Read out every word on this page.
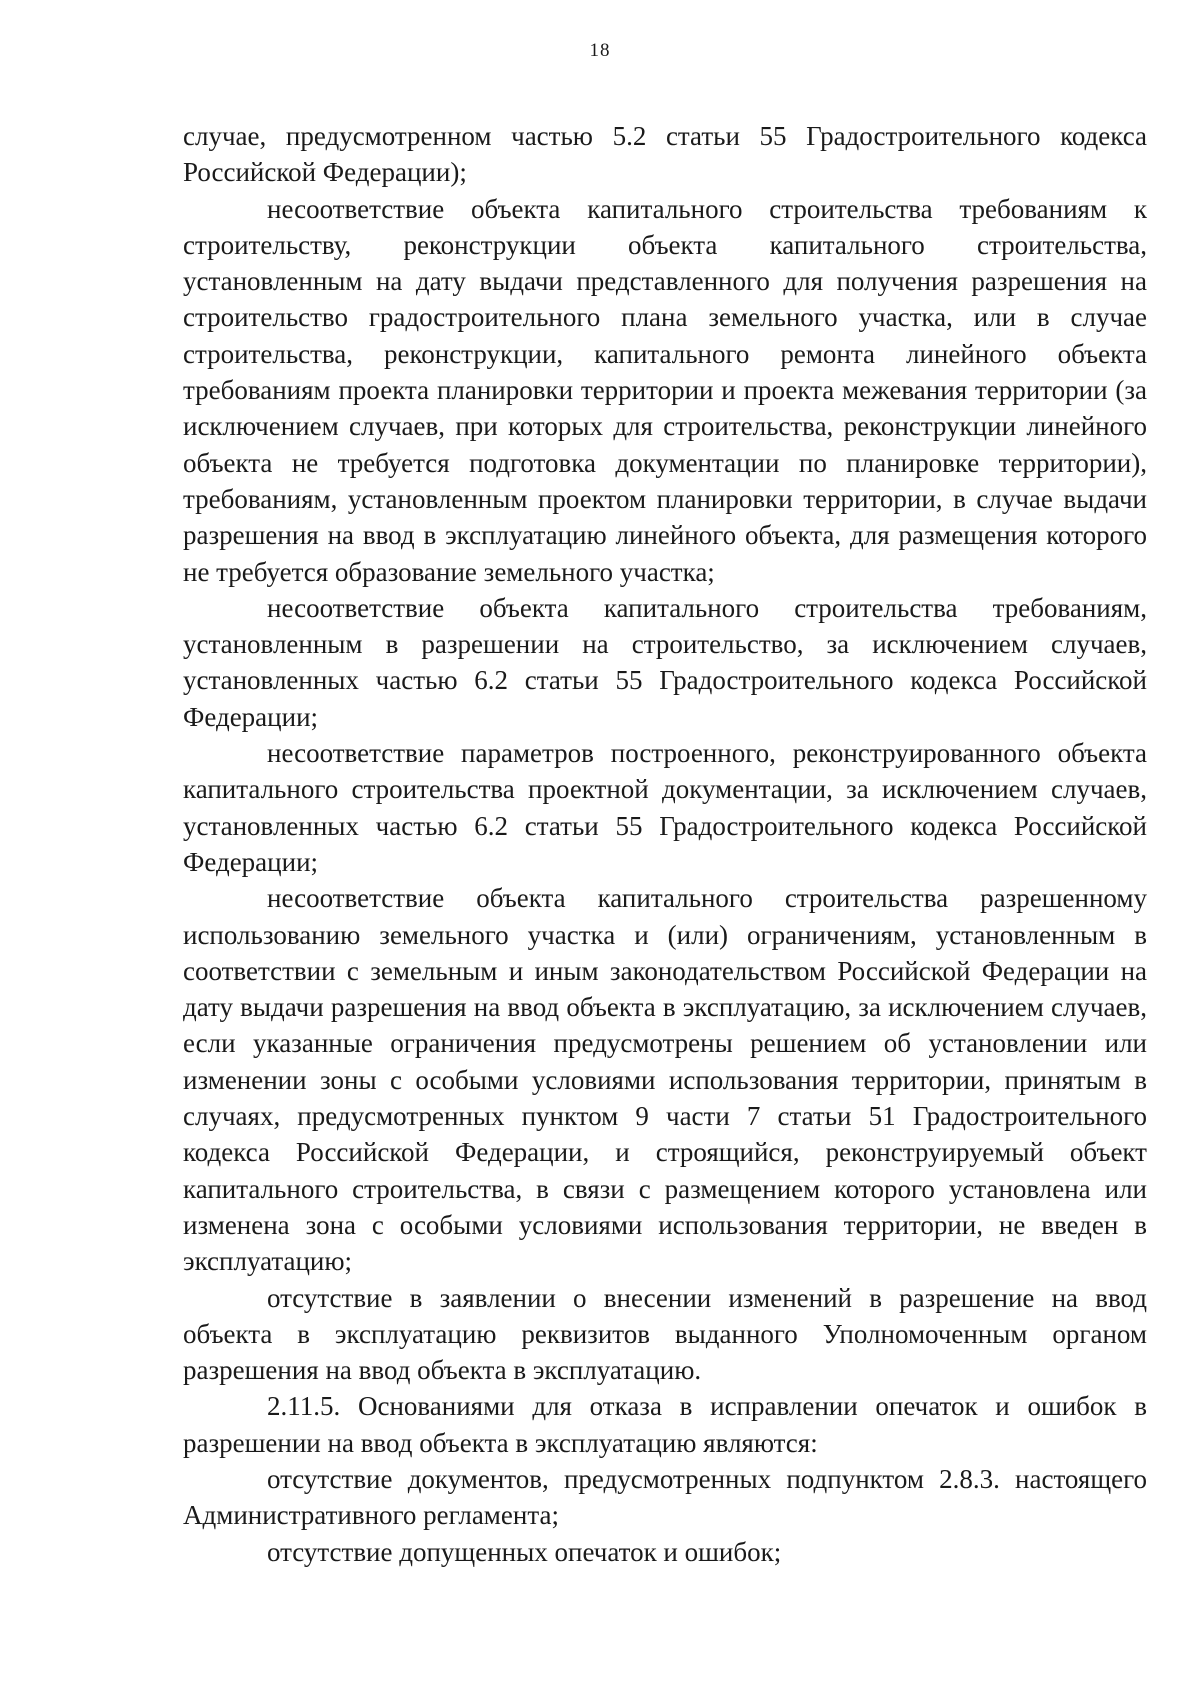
18

случае, предусмотренном частью 5.2 статьи 55 Градостроительного кодекса Российской Федерации);

несоответствие объекта капитального строительства требованиям к строительству, реконструкции объекта капитального строительства, установленным на дату выдачи представленного для получения разрешения на строительство градостроительного плана земельного участка, или в случае строительства, реконструкции, капитального ремонта линейного объекта требованиям проекта планировки территории и проекта межевания территории (за исключением случаев, при которых для строительства, реконструкции линейного объекта не требуется подготовка документации по планировке территории), требованиям, установленным проектом планировки территории, в случае выдачи разрешения на ввод в эксплуатацию линейного объекта, для размещения которого не требуется образование земельного участка;

несоответствие объекта капитального строительства требованиям, установленным в разрешении на строительство, за исключением случаев, установленных частью 6.2 статьи 55 Градостроительного кодекса Российской Федерации;

несоответствие параметров построенного, реконструированного объекта капитального строительства проектной документации, за исключением случаев, установленных частью 6.2 статьи 55 Градостроительного кодекса Российской Федерации;

несоответствие объекта капитального строительства разрешенному использованию земельного участка и (или) ограничениям, установленным в соответствии с земельным и иным законодательством Российской Федерации на дату выдачи разрешения на ввод объекта в эксплуатацию, за исключением случаев, если указанные ограничения предусмотрены решением об установлении или изменении зоны с особыми условиями использования территории, принятым в случаях, предусмотренных пунктом 9 части 7 статьи 51 Градостроительного кодекса Российской Федерации, и строящийся, реконструируемый объект капитального строительства, в связи с размещением которого установлена или изменена зона с особыми условиями использования территории, не введен в эксплуатацию;

отсутствие в заявлении о внесении изменений в разрешение на ввод объекта в эксплуатацию реквизитов выданного Уполномоченным органом разрешения на ввод объекта в эксплуатацию.

2.11.5. Основаниями для отказа в исправлении опечаток и ошибок в разрешении на ввод объекта в эксплуатацию являются:

отсутствие документов, предусмотренных подпунктом 2.8.3. настоящего Административного регламента;

отсутствие допущенных опечаток и ошибок;
